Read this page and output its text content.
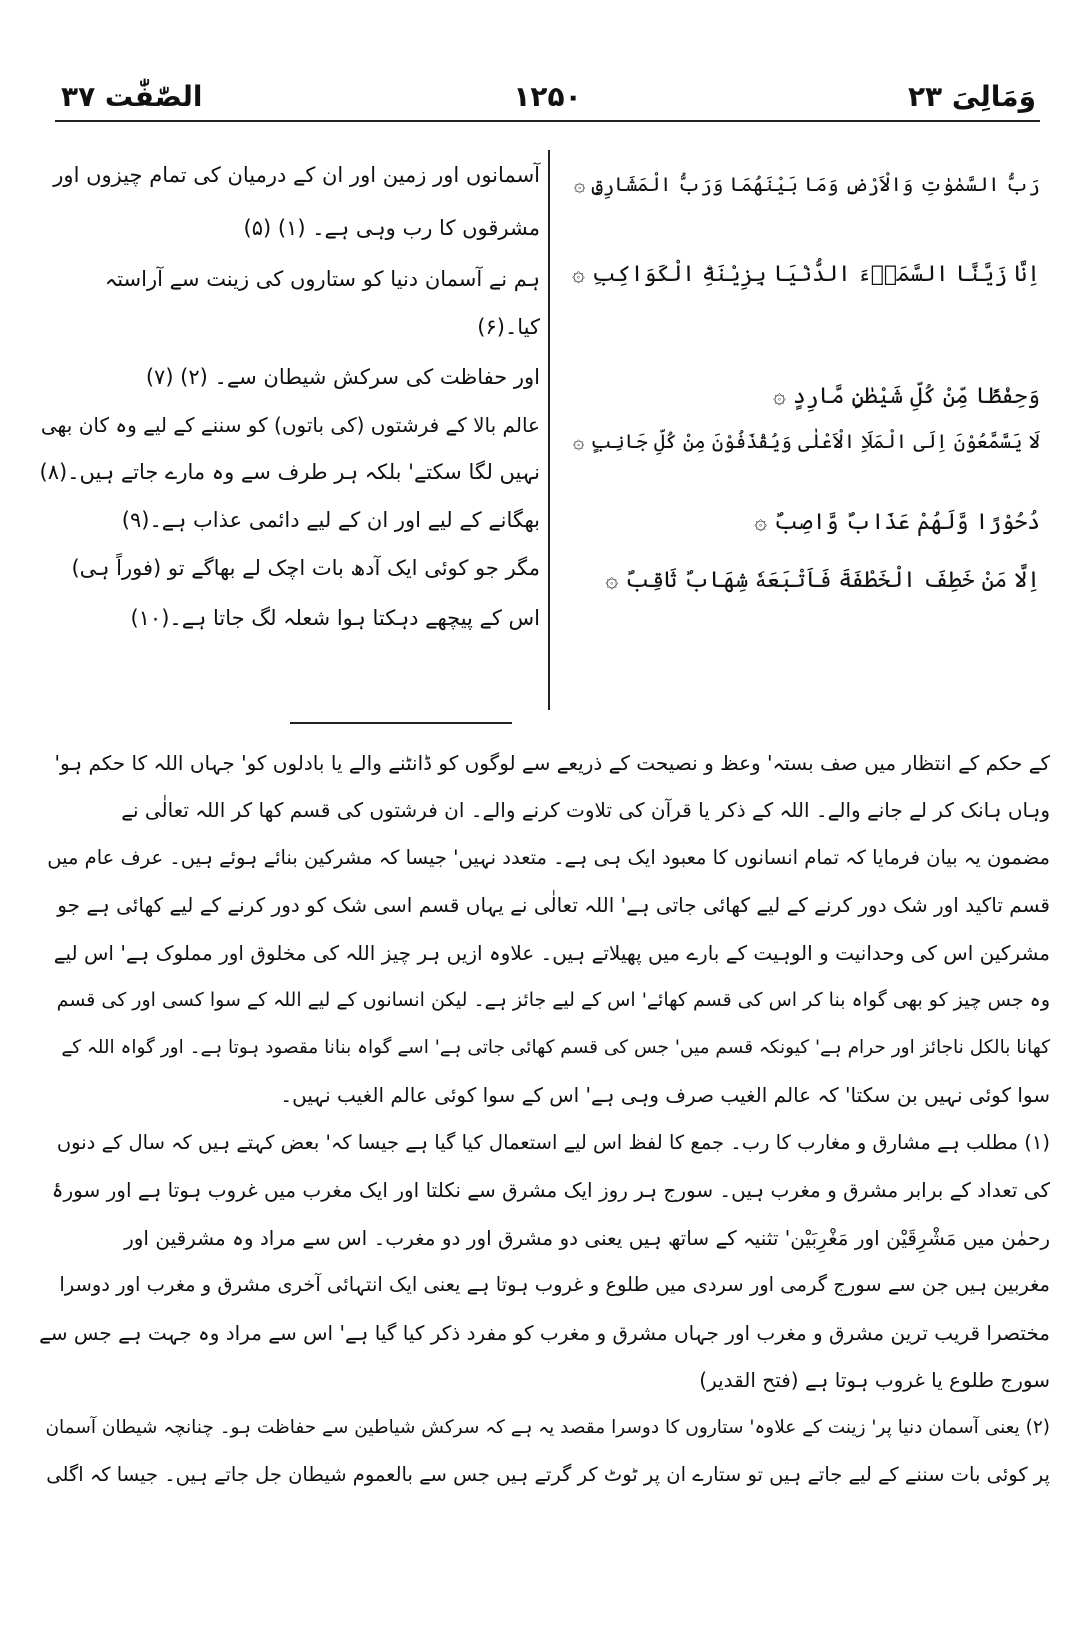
وَمَالِیَ ۲۳
۱۲۵۰
الصّٰفّٰت ۳۷
رَبُّ السَّمٰوٰتِ وَالْاَرْضِ وَمَا بَيْنَهُمَا وَرَبُّ الْمَشَارِقِ ۞
اِنَّا زَيَّنَّا السَّمَاۗءَ الدُّنْيَا بِزِيْنَةِۨ الْكَوَاكِبِ ۞
وَحِفْظًا مِّنْ كُلِّ شَيْطٰنٍ مَّارِدٍ ۞
لَا يَسَّمَّعُوْنَ اِلَى الْمَلَاِ الْاَعْلٰى وَيُقْذَفُوْنَ مِنْ كُلِّ جَانِبٍ ۞
دُحُوْرًا وَّلَهُمْ عَذَابٌ وَّاصِبٌ ۞
اِلَّا مَنْ خَطِفَ الْخَطْفَةَ فَاَتْبَعَهٗ شِهَابٌ ثَاقِبٌ ۞
آسمانوں اور زمین اور ان کے درمیان کی تمام چیزوں اور
مشرقوں کا رب وہی ہے۔ (۱) (۵)
ہم نے آسمان دنیا کو ستاروں کی زینت سے آراستہ
کیا۔(۶)
اور حفاظت کی سرکش شیطان سے۔ (۲) (۷)
عالم بالا کے فرشتوں (کی باتوں) کو سننے کے لیے وہ کان بھی
نہیں لگا سکتے' بلکہ ہر طرف سے وہ مارے جاتے ہیں۔(۸)
بھگانے کے لیے اور ان کے لیے دائمی عذاب ہے۔(۹)
مگر جو کوئی ایک آدھ بات اچک لے بھاگے تو (فوراً ہی)
اس کے پیچھے دہکتا ہوا شعلہ لگ جاتا ہے۔(۱۰)
کے حکم کے انتظار میں صف بستہ' وعظ و نصیحت کے ذریعے سے لوگوں کو ڈانٹنے والے یا بادلوں کو' جہاں اللہ کا حکم ہو'
وہاں ہانک کر لے جانے والے۔ اللہ کے ذکر یا قرآن کی تلاوت کرنے والے۔ ان فرشتوں کی قسم کھا کر اللہ تعالٰی نے
مضمون یہ بیان فرمایا کہ تمام انسانوں کا معبود ایک ہی ہے۔ متعدد نہیں' جیسا کہ مشرکین بنائے ہوئے ہیں۔ عرف عام میں
قسم تاکید اور شک دور کرنے کے لیے کھائی جاتی ہے' اللہ تعالٰی نے یہاں قسم اسی شک کو دور کرنے کے لیے کھائی ہے جو
مشرکین اس کی وحدانیت و الوہیت کے بارے میں پھیلاتے ہیں۔ علاوہ ازیں ہر چیز اللہ کی مخلوق اور مملوک ہے' اس لیے
وہ جس چیز کو بھی گواہ بنا کر اس کی قسم کھائے' اس کے لیے جائز ہے۔ لیکن انسانوں کے لیے اللہ کے سوا کسی اور کی قسم
کھانا بالکل ناجائز اور حرام ہے' کیونکہ قسم میں' جس کی قسم کھائی جاتی ہے' اسے گواہ بنانا مقصود ہوتا ہے۔ اور گواہ اللہ کے
سوا کوئی نہیں بن سکتا' کہ عالم الغیب صرف وہی ہے' اس کے سوا کوئی عالم الغیب نہیں۔
(۱) مطلب ہے مشارق و مغارب کا رب۔ جمع کا لفظ اس لیے استعمال کیا گیا ہے جیسا کہ' بعض کہتے ہیں کہ سال کے دنوں
کی تعداد کے برابر مشرق و مغرب ہیں۔ سورج ہر روز ایک مشرق سے نکلتا اور ایک مغرب میں غروب ہوتا ہے اور سورۂ
رحمٰن میں مَشْرِقَیْن اور مَغْرِبَیْن' تثنیہ کے ساتھ ہیں یعنی دو مشرق اور دو مغرب۔ اس سے مراد وہ مشرقین اور
مغربین ہیں جن سے سورج گرمی اور سردی میں طلوع و غروب ہوتا ہے یعنی ایک انتہائی آخری مشرق و مغرب اور دوسرا
مختصرا قریب ترین مشرق و مغرب اور جہاں مشرق و مغرب کو مفرد ذکر کیا گیا ہے' اس سے مراد وہ جہت ہے جس سے
سورج طلوع یا غروب ہوتا ہے (فتح القدیر)
(۲) یعنی آسمان دنیا پر' زینت کے علاوہ' ستاروں کا دوسرا مقصد یہ ہے کہ سرکش شیاطین سے حفاظت ہو۔ چنانچہ شیطان آسمان
پر کوئی بات سننے کے لیے جاتے ہیں تو ستارے ان پر ٹوٹ کر گرتے ہیں جس سے بالعموم شیطان جل جاتے ہیں۔ جیسا کہ اگلی
